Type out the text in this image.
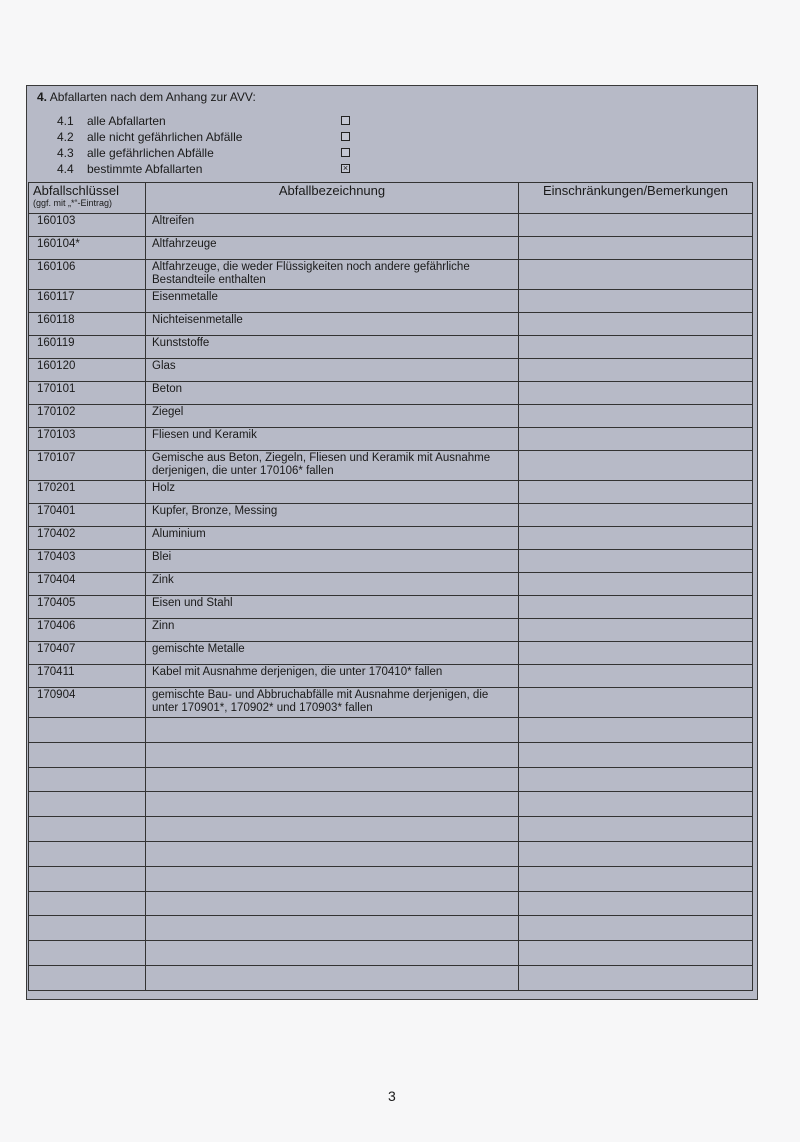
4. Abfallarten nach dem Anhang zur AVV:
4.1	alle Abfallarten
4.2	alle nicht gefährlichen Abfälle
4.3	alle gefährlichen Abfälle
4.4	bestimmte Abfallarten	×
Abfallschlüssel
(ggf. mit „*“-Eintrag)	Abfallbezeichnung	Einschränkungen/Bemerkungen
160103	Altreifen	
160104*	Altfahrzeuge	
160106	Altfahrzeuge, die weder Flüssigkeiten noch andere gefährliche Bestandteile enthalten	
160117	Eisenmetalle	
160118	Nichteisenmetalle	
160119	Kunststoffe	
160120	Glas	
170101	Beton	
170102	Ziegel	
170103	Fliesen und Keramik	
170107	Gemische aus Beton, Ziegeln, Fliesen und Keramik mit Ausnahme derjenigen, die unter 170106* fallen	
170201	Holz	
170401	Kupfer, Bronze, Messing	
170402	Aluminium	
170403	Blei	
170404	Zink	
170405	Eisen und Stahl	
170406	Zinn	
170407	gemischte Metalle	
170411	Kabel mit Ausnahme derjenigen, die unter 170410* fallen	
170904	gemischte Bau- und Abbruchabfälle mit Ausnahme derjenigen, die unter 170901*, 170902* und 170903* fallen	

3
